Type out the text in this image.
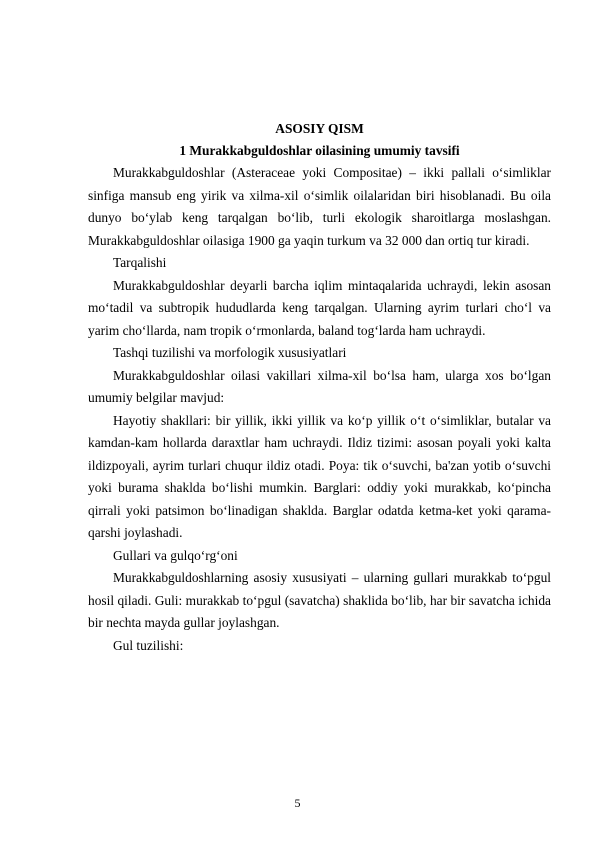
ASOSIY QISM

1 Murakkabguldoshlar oilasining umumiy tavsifi

Murakkabguldoshlar (Asteraceae yoki Compositae) – ikki pallali o‘simliklar sinfiga mansub eng yirik va xilma-xil o‘simlik oilalaridan biri hisoblanadi. Bu oila dunyo bo‘ylab keng tarqalgan bo‘lib, turli ekologik sharoitlarga moslashgan. Murakkabguldoshlar oilasiga 1900 ga yaqin turkum va 32 000 dan ortiq tur kiradi.

Tarqalishi

Murakkabguldoshlar deyarli barcha iqlim mintaqalarida uchraydi, lekin asosan mo‘tadil va subtropik hududlarda keng tarqalgan. Ularning ayrim turlari cho‘l va yarim cho‘llarda, nam tropik o‘rmonlarda, baland tog‘larda ham uchraydi.

Tashqi tuzilishi va morfologik xususiyatlari

Murakkabguldoshlar oilasi vakillari xilma-xil bo‘lsa ham, ularga xos bo‘lgan umumiy belgilar mavjud:

Hayotiy shakllari: bir yillik, ikki yillik va ko‘p yillik o‘t o‘simliklar, butalar va kamdan-kam hollarda daraxtlar ham uchraydi. Ildiz tizimi: asosan poyali yoki kalta ildizpoyali, ayrim turlari chuqur ildiz otadi. Poya: tik o‘suvchi, ba'zan yotib o‘suvchi yoki burama shaklda bo‘lishi mumkin. Barglari: oddiy yoki murakkab, ko‘pincha qirrali yoki patsimon bo‘linadigan shaklda. Barglar odatda ketma-ket yoki qarama-qarshi joylashadi.

Gullari va gulqo‘rg‘oni

Murakkabguldoshlarning asosiy xususiyati – ularning gullari murakkab to‘pgul hosil qiladi. Guli: murakkab to‘pgul (savatcha) shaklida bo‘lib, har bir savatcha ichida bir nechta mayda gullar joylashgan.

Gul tuzilishi:

5
